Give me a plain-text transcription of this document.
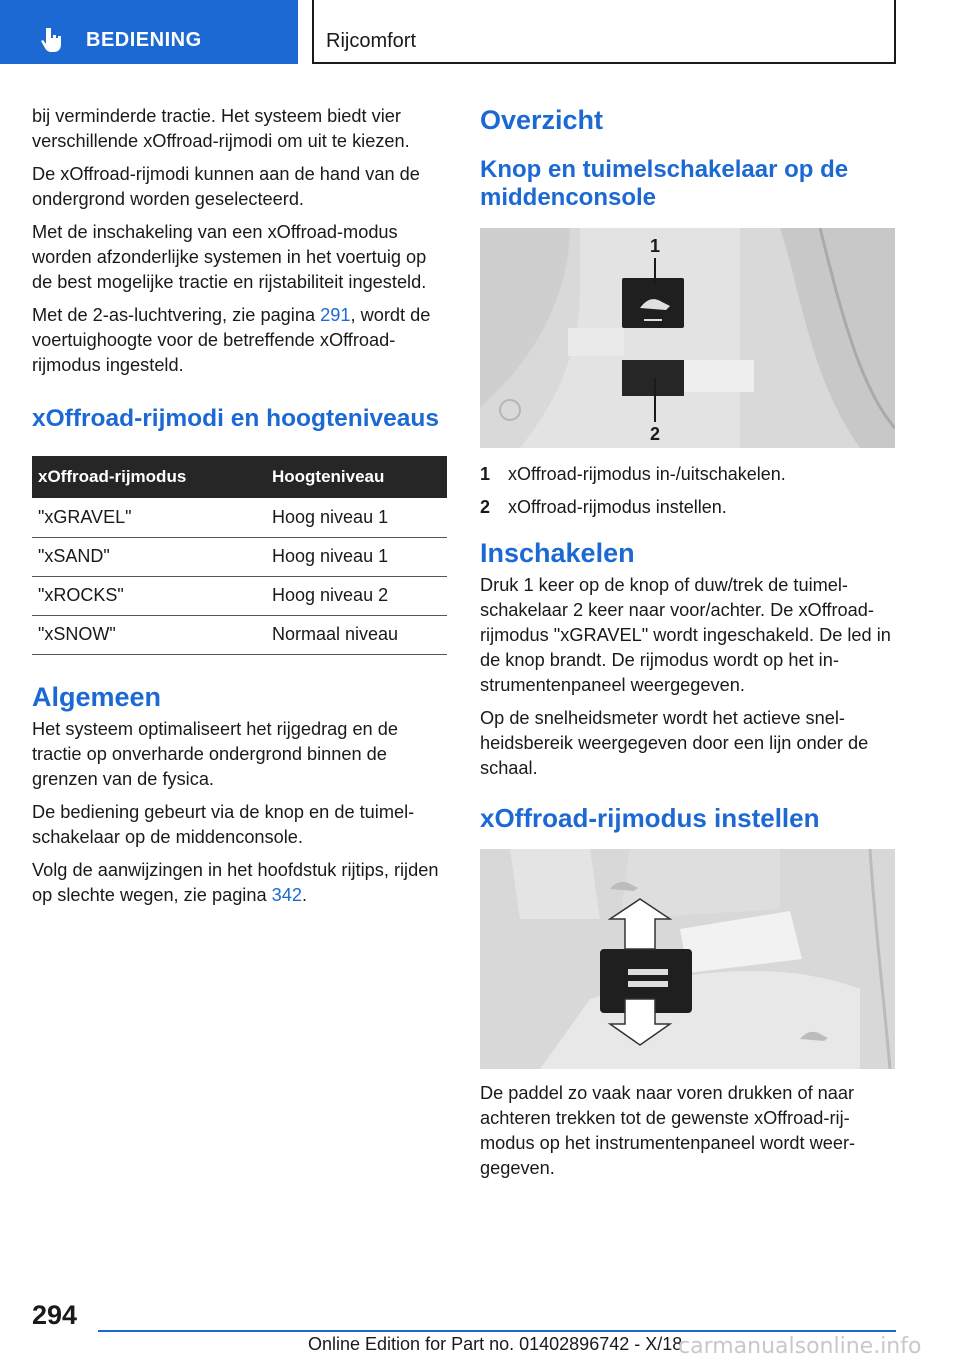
BEDIENING	Rijcomfort

bij verminderde tractie. Het systeem biedt vier verschillende xOffroad-rijmodi om uit te kiezen.

De xOffroad-rijmodi kunnen aan de hand van de ondergrond worden geselecteerd.

Met de inschakeling van een xOffroad-modus worden afzonderlijke systemen in het voertuig op de best mogelijke tractie en rijstabiliteit ingesteld.

Met de 2-as-luchtvering, zie pagina 291, wordt de voertuighoogte voor de betreffende xOffroad-rijmodus ingesteld.

xOffroad-rijmodi en hoogteniveaus
xOffroad-rijmodus	Hoogteniveau
"xGRAVEL"	Hoog niveau 1
"xSAND"	Hoog niveau 1
"xROCKS"	Hoog niveau 2
"xSNOW"	Normaal niveau
Algemeen

Het systeem optimaliseert het rijgedrag en de tractie op onverharde ondergrond binnen de grenzen van de fysica.

De bediening gebeurt via de knop en de tuimelschakelaar op de middenconsole.

Volg de aanwijzingen in het hoofdstuk rijtips, rijden op slechte wegen, zie pagina 342.

Overzicht
Knop en tuimelschakelaar op de middenconsole
1
2
1 xOffroad-rijmodus in-/uitschakelen.
2 xOffroad-rijmodus instellen.
Inschakelen

Druk 1 keer op de knop of duw/trek de tuimelschakelaar 2 keer naar voor/achter. De xOffroad-rijmodus "xGRAVEL" wordt ingeschakeld. De led in de knop brandt. De rijmodus wordt op het instrumentenpaneel weergegeven.

Op de snelheidsmeter wordt het actieve snelheidsbereik weergegeven door een lijn onder de schaal.

xOffroad-rijmodus instellen

De paddel zo vaak naar voren drukken of naar achteren trekken tot de gewenste xOffroad-rijmodus op het instrumentenpaneel wordt weergegeven.

294
Online Edition for Part no. 01402896742 - X/18
carmanualsonline.info
